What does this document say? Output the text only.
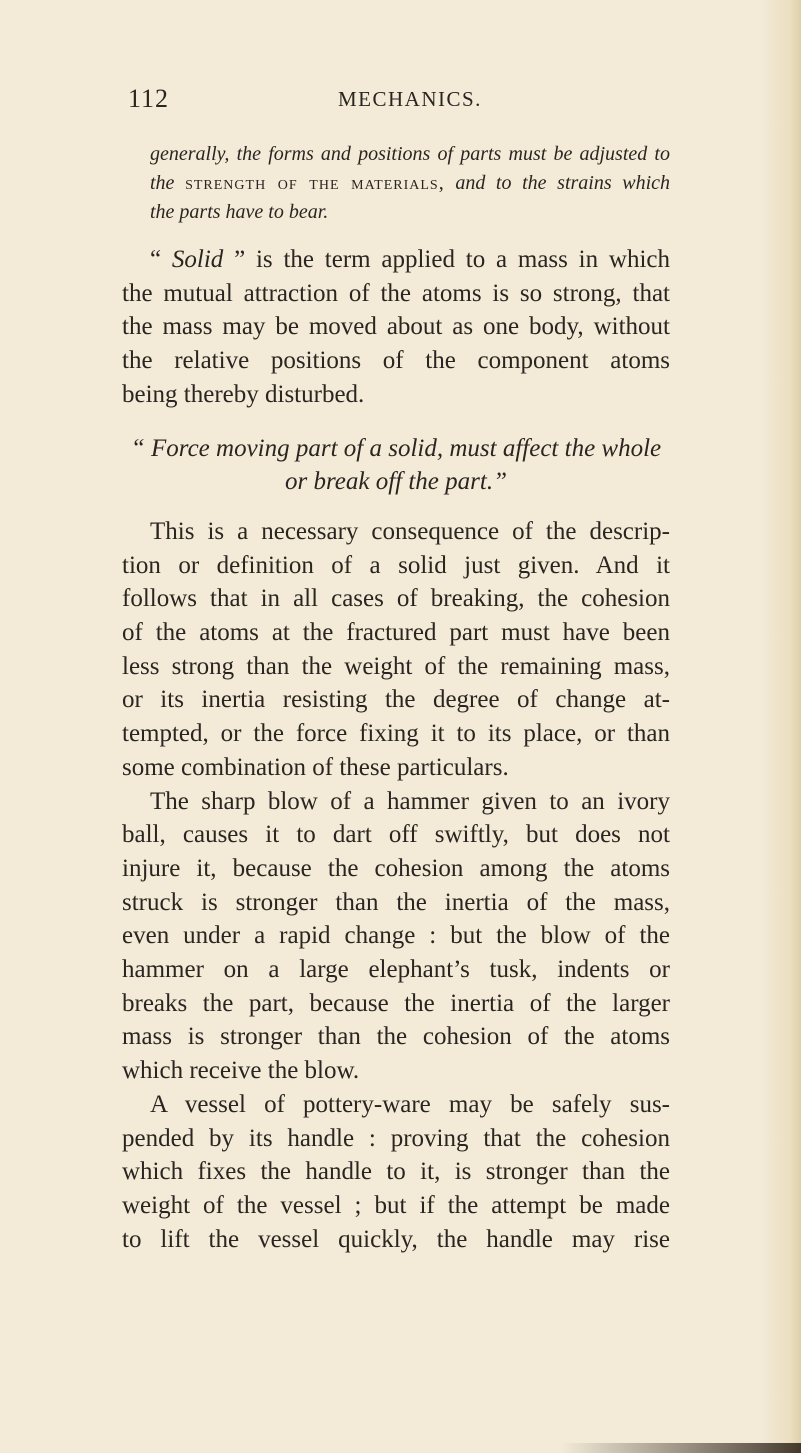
112	MECHANICS.
generally, the forms and positions of parts must be adjusted to
the strength of the materials, and to the strains which
the parts have to bear.
“ Solid ” is the term applied to a mass in which
the mutual attraction of the atoms is so strong, that
the mass may be moved about as one body, without
the relative positions of the component atoms
being thereby disturbed.
“ Force moving part of a solid, must affect the whole
or break off the part.”
This is a necessary consequence of the descrip-
tion or definition of a solid just given. And it
follows that in all cases of breaking, the cohesion
of the atoms at the fractured part must have been
less strong than the weight of the remaining mass,
or its inertia resisting the degree of change at-
tempted, or the force fixing it to its place, or than
some combination of these particulars.
The sharp blow of a hammer given to an ivory
ball, causes it to dart off swiftly, but does not
injure it, because the cohesion among the atoms
struck is stronger than the inertia of the mass,
even under a rapid change : but the blow of the
hammer on a large elephant’s tusk, indents or
breaks the part, because the inertia of the larger
mass is stronger than the cohesion of the atoms
which receive the blow.
A vessel of pottery-ware may be safely sus-
pended by its handle : proving that the cohesion
which fixes the handle to it, is stronger than the
weight of the vessel ; but if the attempt be made
to lift the vessel quickly, the handle may rise
